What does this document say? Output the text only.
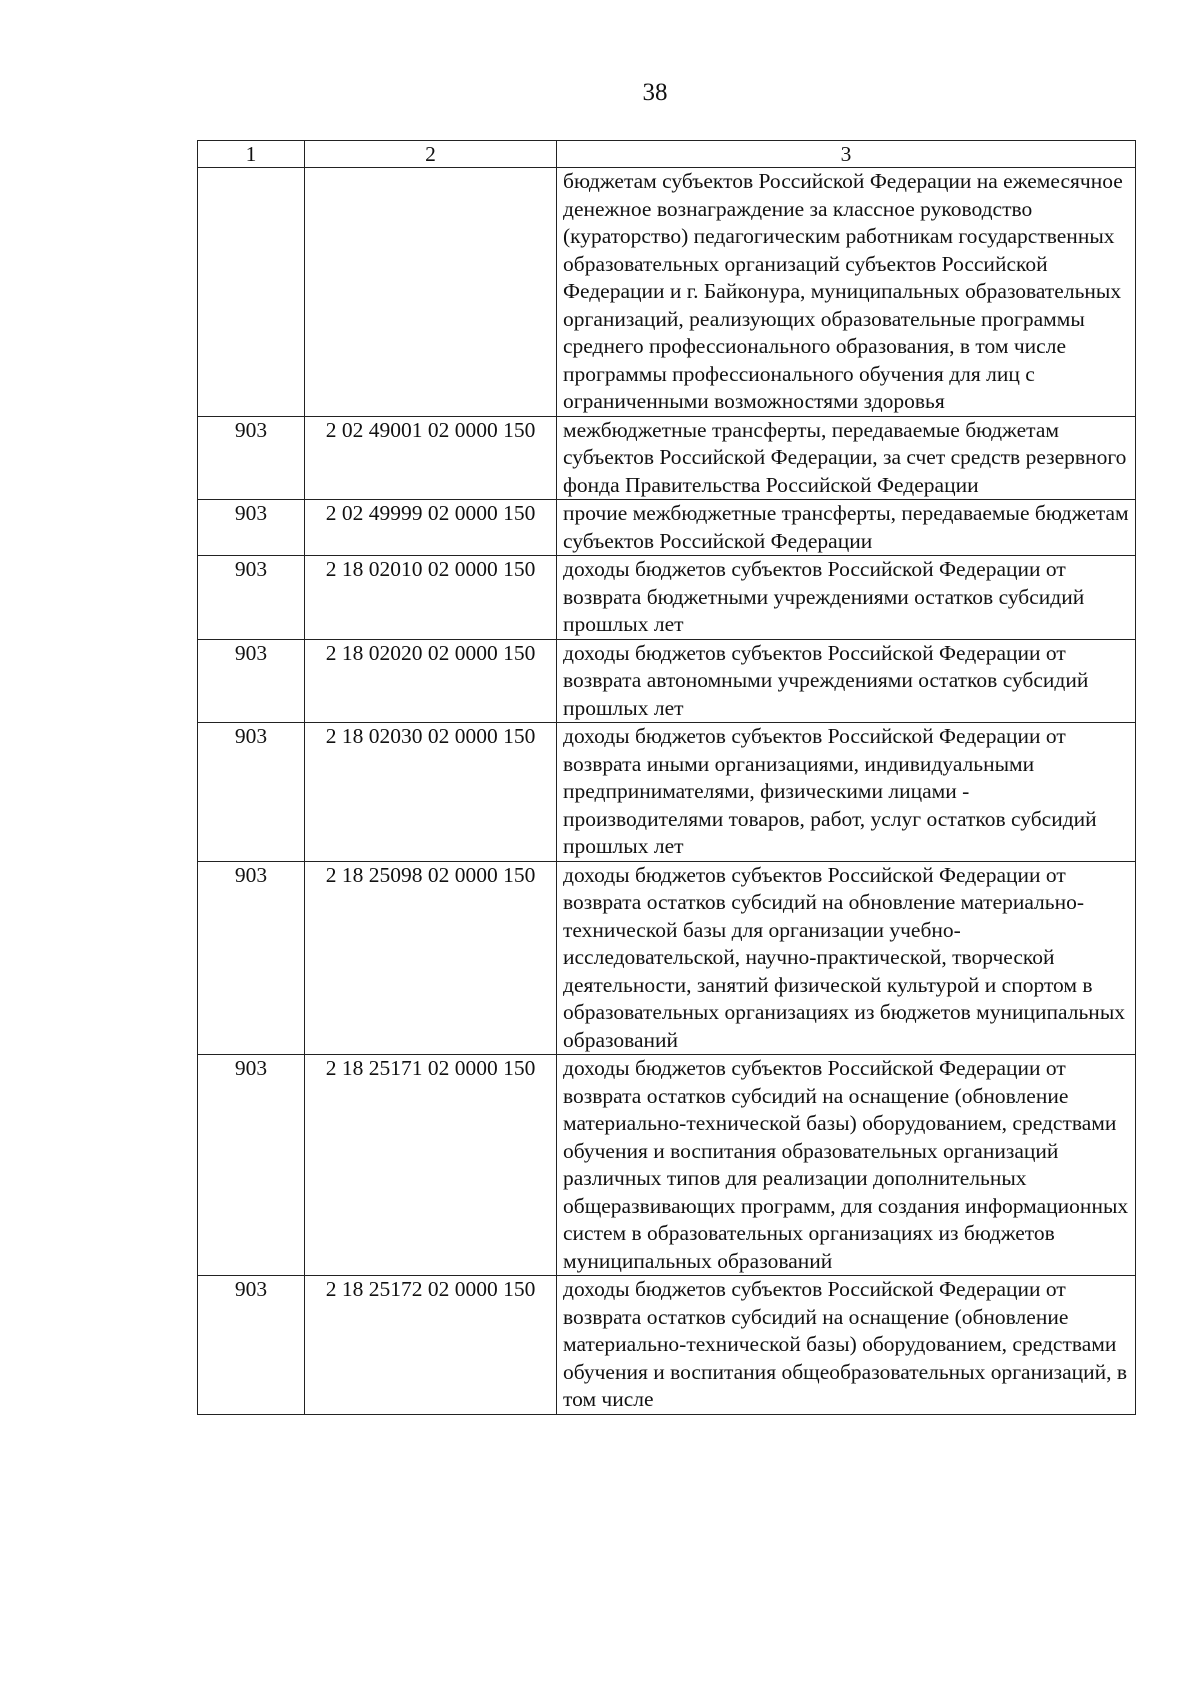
38
1	2	3
		бюджетам субъектов Российской Федерации на ежемесячное денежное вознаграждение за классное руководство (кураторство) педагогическим работникам государственных образовательных организаций субъектов Российской Федерации и г. Байконура, муниципальных образовательных организаций, реализующих образовательные программы среднего профессионального образования, в том числе программы профессионального обучения для лиц с ограниченными возможностями здоровья
903	2 02 49001 02 0000 150	межбюджетные трансферты, передаваемые бюджетам субъектов Российской Федерации, за счет средств резервного фонда Правительства Российской Федерации
903	2 02 49999 02 0000 150	прочие межбюджетные трансферты, передаваемые бюджетам субъектов Российской Федерации
903	2 18 02010 02 0000 150	доходы бюджетов субъектов Российской Федерации от возврата бюджетными учреждениями остатков субсидий прошлых лет
903	2 18 02020 02 0000 150	доходы бюджетов субъектов Российской Федерации от возврата автономными учреждениями остатков субсидий прошлых лет
903	2 18 02030 02 0000 150	доходы бюджетов субъектов Российской Федерации от возврата иными организациями, индивидуальными предпринимателями, физическими лицами - производителями товаров, работ, услуг остатков субсидий прошлых лет
903	2 18 25098 02 0000 150	доходы бюджетов субъектов Российской Федерации от возврата остатков субсидий на обновление материально-технической базы для организации учебно-исследовательской, научно-практической, творческой деятельности, занятий физической культурой и спортом в образовательных организациях из бюджетов муниципальных образований
903	2 18 25171 02 0000 150	доходы бюджетов субъектов Российской Федерации от возврата остатков субсидий на оснащение (обновление материально-технической базы) оборудованием, средствами обучения и воспитания образовательных организаций различных типов для реализации дополнительных общеразвивающих программ, для создания информационных систем в образовательных организациях из бюджетов муниципальных образований
903	2 18 25172 02 0000 150	доходы бюджетов субъектов Российской Федерации от возврата остатков субсидий на оснащение (обновление материально-технической базы) оборудованием, средствами обучения и воспитания общеобразовательных организаций, в том числе
